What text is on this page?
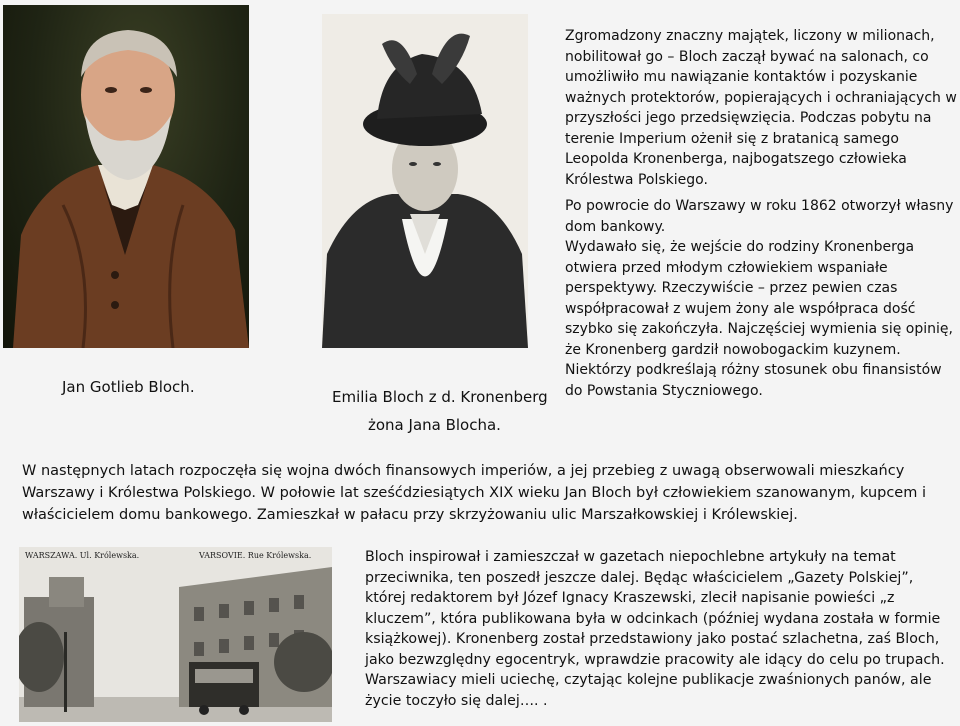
Jan Gotlieb Bloch.
Emilia Bloch z d. Kronenberg
żona Jana Blocha.

Zgromadzony znaczny majątek, liczony w milionach, nobilitował go – Bloch zaczął bywać na salonach, co umożliwiło mu nawiązanie kontaktów i pozyskanie ważnych protektorów, popierających i ochraniających w przyszłości jego przedsięwzięcia. Podczas pobytu na terenie Imperium ożenił się z bratanicą samego Leopolda Kronenberga, najbogatszego człowieka Królestwa Polskiego.

Po powrocie do Warszawy w roku 1862 otworzył własny dom bankowy.

Wydawało się, że wejście do rodziny Kronenberga otwiera przed młodym człowiekiem wspaniałe perspektywy. Rzeczywiście – przez pewien czas współpracował z wujem żony ale współpraca dość szybko się zakończyła. Najczęściej wymienia się opinię, że Kronenberg gardził nowobogackim kuzynem. Niektórzy podkreślają różny stosunek obu finansistów do Powstania Styczniowego.

W następnych latach rozpoczęła się wojna dwóch finansowych imperiów, a jej przebieg z uwagą obserwowali mieszkańcy Warszawy i Królestwa Polskiego. W połowie lat sześćdziesiątych XIX wieku Jan Bloch był człowiekiem szanowanym, kupcem i właścicielem domu bankowego. Zamieszkał w pałacu przy skrzyżowaniu ulic Marszałkowskiej i Królewskiej.

WARSZAWA. Ul. Królewska.	VARSOVIE. Rue Królewska.	Bloch inspirował i zamieszczał w gazetach niepochlebne artykuły na temat przeciwnika, ten poszedł jeszcze dalej. Będąc właścicielem „Gazety Polskiej”, której redaktorem był Józef Ignacy Kraszewski, zlecił napisanie powieści „z kluczem”, która publikowana była w odcinkach (później wydana została w formie książkowej). Kronenberg został przedstawiony jako postać szlachetna, zaś Bloch, jako bezwzględny egocentryk, wprawdzie pracowity ale idący do celu po trupach. Warszawiacy mieli uciechę, czytając kolejne publikacje zwaśnionych panów, ale życie toczyło się dalej…. .
